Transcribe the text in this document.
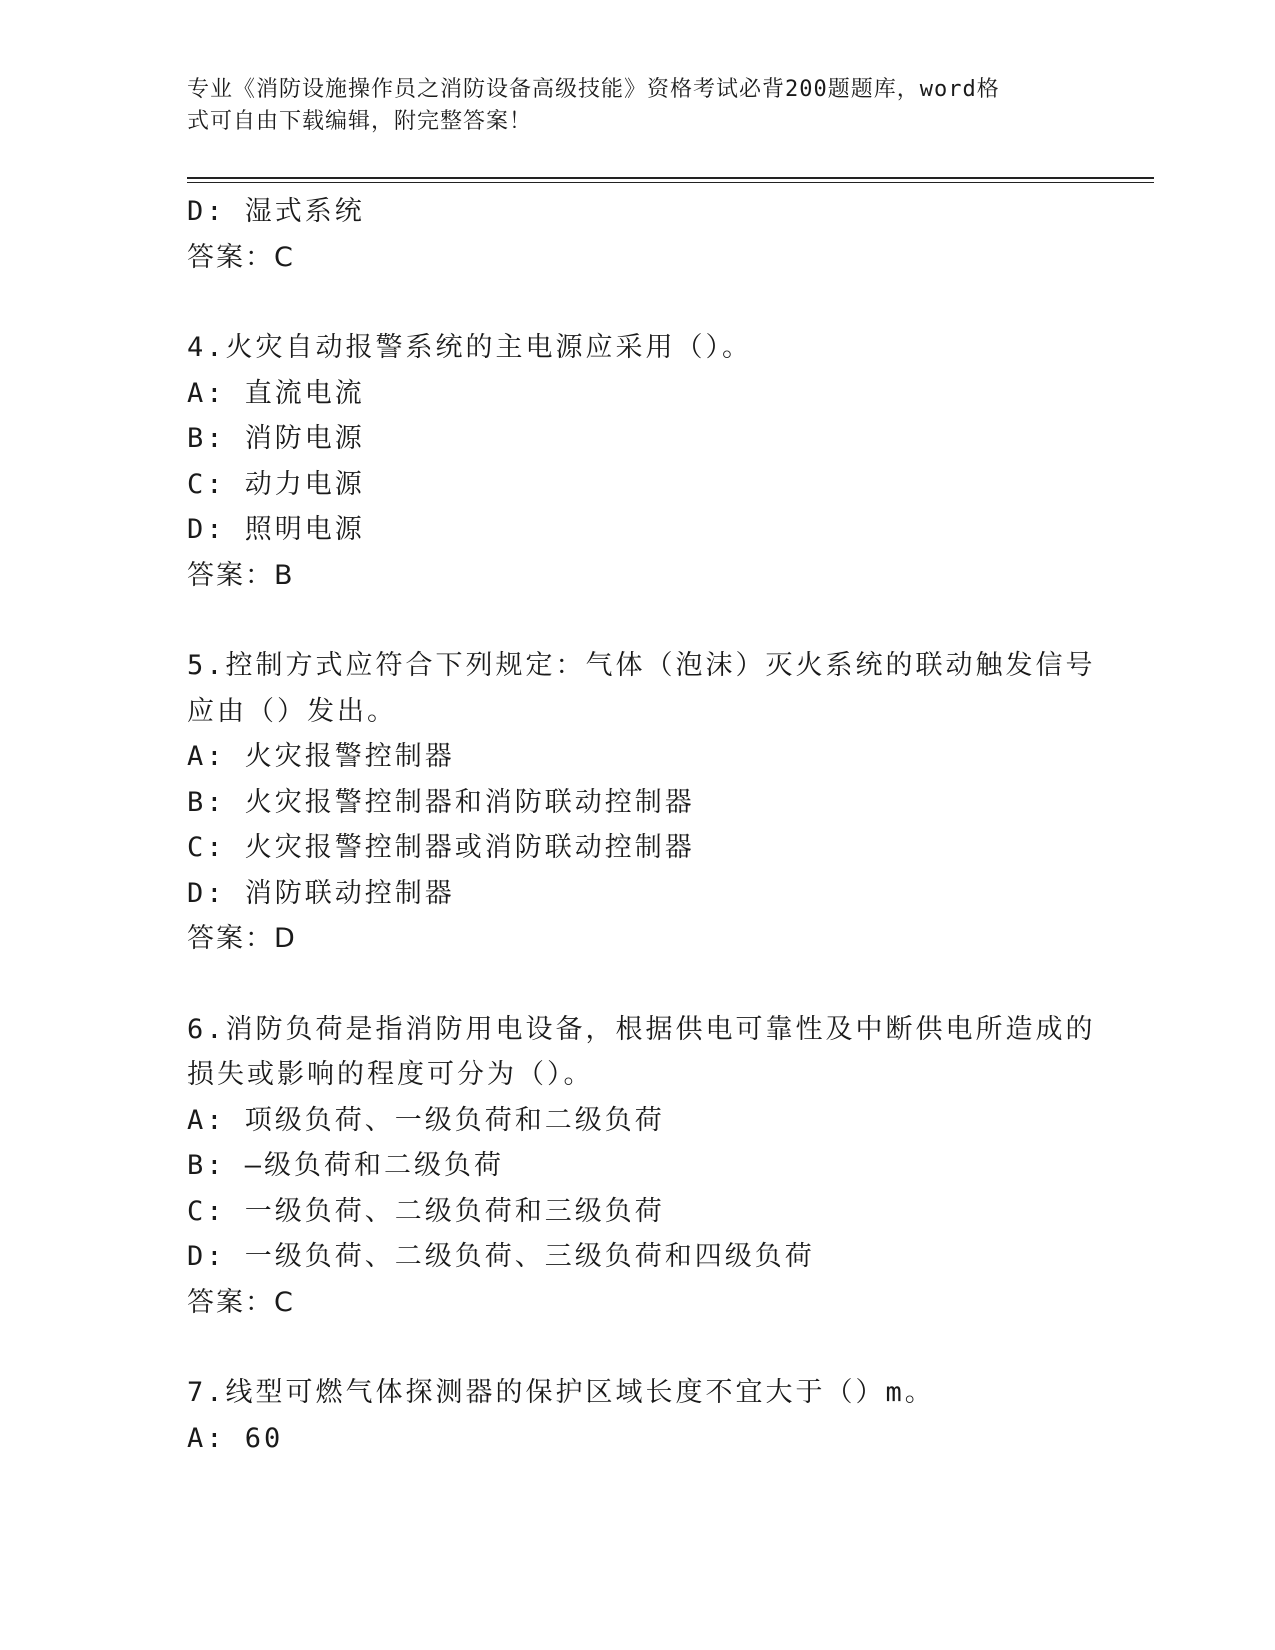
专业《消防设施操作员之消防设备高级技能》资格考试必背200题题库，word格
式可自由下载编辑，附完整答案！
D: 湿式系统
答案：C
4.火灾自动报警系统的主电源应采用（）。
A: 直流电流
B: 消防电源
C: 动力电源
D: 照明电源
答案：B
5.控制方式应符合下列规定：气体（泡沫）灭火系统的联动触发信号
应由（）发出。
A: 火灾报警控制器
B: 火灾报警控制器和消防联动控制器
C: 火灾报警控制器或消防联动控制器
D: 消防联动控制器
答案：D
6.消防负荷是指消防用电设备，根据供电可靠性及中断供电所造成的
损失或影响的程度可分为（）。
A: 项级负荷、一级负荷和二级负荷
B: —级负荷和二级负荷
C: 一级负荷、二级负荷和三级负荷
D: 一级负荷、二级负荷、三级负荷和四级负荷
答案：C
7.线型可燃气体探测器的保护区域长度不宜大于（）m。
A: 60
